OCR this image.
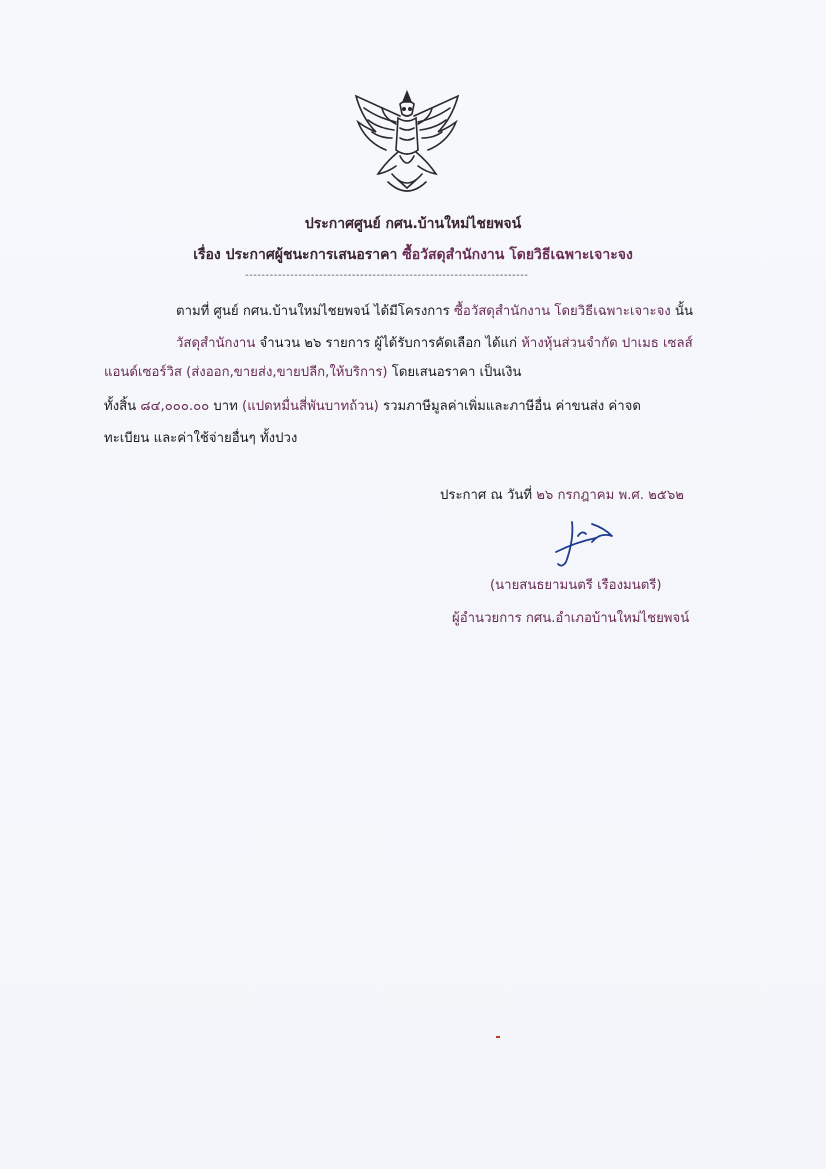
ประกาศศูนย์ กศน.บ้านใหม่ไชยพจน์
เรื่อง ประกาศผู้ชนะการเสนอราคา ซื้อวัสดุสำนักงาน โดยวิธีเฉพาะเจาะจง
---------------------------------------------------------------------
ตามที่ ศูนย์ กศน.บ้านใหม่ไชยพจน์ ได้มีโครงการ ซื้อวัสดุสำนักงาน โดยวิธีเฉพาะเจาะจง นั้น
วัสดุสำนักงาน จำนวน ๒๖ รายการ ผู้ได้รับการคัดเลือก ได้แก่ ห้างหุ้นส่วนจำกัด ปาเมธ เซลส์
แอนด์เซอร์วิส (ส่งออก,ขายส่ง,ขายปลีก,ให้บริการ) โดยเสนอราคา เป็นเงิน
ทั้งสิ้น ๘๔,๐๐๐.๐๐ บาท (แปดหมื่นสี่พันบาทถ้วน) รวมภาษีมูลค่าเพิ่มและภาษีอื่น ค่าขนส่ง ค่าจด
ทะเบียน และค่าใช้จ่ายอื่นๆ ทั้งปวง
ประกาศ ณ วันที่ ๒๖ กรกฎาคม พ.ศ. ๒๕๖๒
(นายสนธยามนตรี เรืองมนตรี)
ผู้อำนวยการ กศน.อำเภอบ้านใหม่ไชยพจน์
